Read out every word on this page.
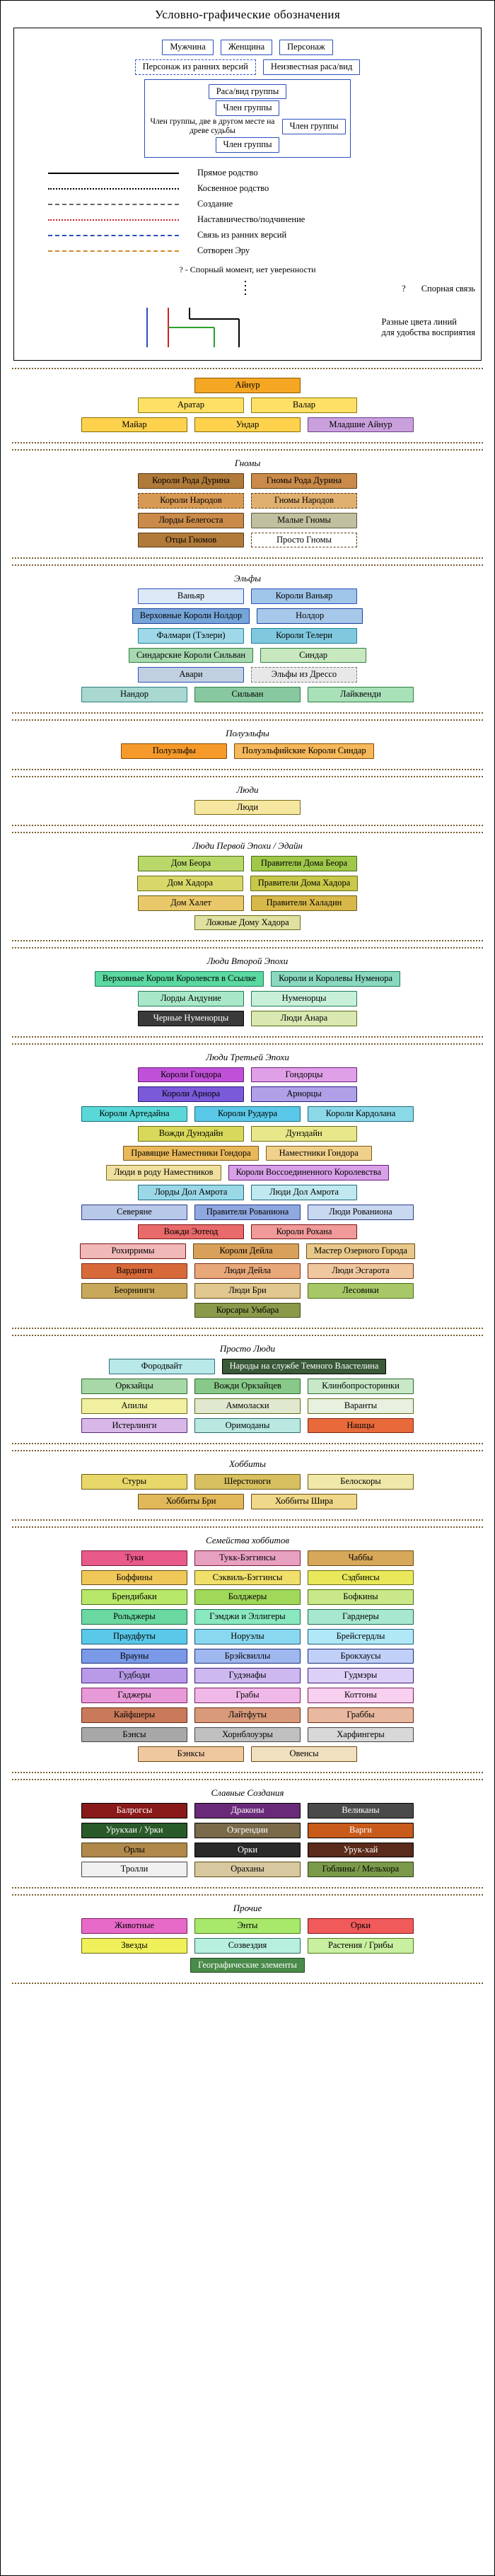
Условно-графические обозначения
Мужчина	Женщина	Персонаж
Персонаж из ранних версий	Неизвестная раса/вид
Раса/вид группы
Член группы
Член группы, две в другом месте на древе судьбы	Член группы
Член группы
Прямое родство
Косвенное родство
Создание
Наставничество/подчинение
Связь из ранних версий
Сотворен Эру
? - Спорный момент, нет уверенности
? Спорная связь
Разные цвета линий
для удобства восприятия
Айнур
Аратар	Валар
Майар	Ундар	Младшие Айнур
Гномы
Короли Рода Дурина	Гномы Рода Дурина
Короли Народов	Гномы Народов
Лорды Белегоста	Малые Гномы
Отцы Гномов	Просто Гномы
Эльфы
Ваньяр	Короли Ваньяр
Верховные Короли Нолдор	Нолдор
Фалмари (Тэлери)	Короли Телери
Синдарские Короли Сильван	Синдар
Авари	Эльфы из Дрессо
Нандор	Сильван	Лайквенди
Полуэльфы
Полуэльфы	Полуэльфийские Короли Синдар
Люди
Люди
Люди Первой Эпохи / Эдайн
Дом Беора	Правители Дома Беора
Дом Хадора	Правители Дома Хадора
Дом Халет	Правители Халадин
Ложные Дому Хадора
Люди Второй Эпохи
Верховные Короли Королевств в Ссылке	Короли и Королевы Нуменора
Лорды Андуние	Нуменорцы
Черные Нуменорцы	Люди Анара
Люди Третьей Эпохи
Короли Гондора	Гондорцы
Короли Арнора	Арнорцы
Короли Артедайна	Короли Рудаура	Короли Кардолана
Вожди Дунэдайн	Дунэдайн
Правящие Наместники Гондора	Наместники Гондора
Люди в роду Наместников	Короли Воссоединенного Королевства
Лорды Дол Амрота	Люди Дол Амрота
Северяне	Правители Рованиона	Люди Рованиона
Вожди Эотеод	Короли Рохана
Рохирримы	Короли Дейла	Мастер Озерного Города
Вардинги	Люди Дейла	Люди Эсгарота
Беорнинги	Люди Бри	Лесовики
Корсары Умбара
Просто Люди
Фородвайт	Народы на службе Темного Властелина
Оркзайцы	Вожди Оркзайцев	Клинбопросторинки
Апилы	Аммоласки	Варанты
Истерлинги	Оримоданы	Нашцы
Хоббиты
Стуры	Шерстоноги	Белоскоры
Хоббиты Бри	Хоббиты Шира
Семейства хоббитов
Туки	Тукк-Бэггинсы	Чаббы
Боффины	Сэквиль-Бэггинсы	Сэдбинсы
Брендибаки	Болджеры	Бофкины
Рольджеры	Гэмджи и Эллигеры	Гарднеры
Праудфуты	Норуэлы	Брейсгердлы
Врауны	Брэйсвиллы	Брокхаусы
Гудбоди	Гудэнафы	Гудмэры
Гаджеры	Грабы	Коттоны
Кайфшеры	Лайтфуты	Граббы
Бэнсы	Хорнблоуэры	Харфингеры
Бэнксы	Овенсы
Славные Создания
Балрогсы	Драконы	Великаны
Урукхаи / Урки	Оэгрендии	Варги
Орлы	Орки	Урук-хай
Тролли	Ораханы	Гоблины / Мельхора
Прочие
Животные	Энты	Орки
Звезды	Созвездия	Растения / Грибы
Географические элементы
